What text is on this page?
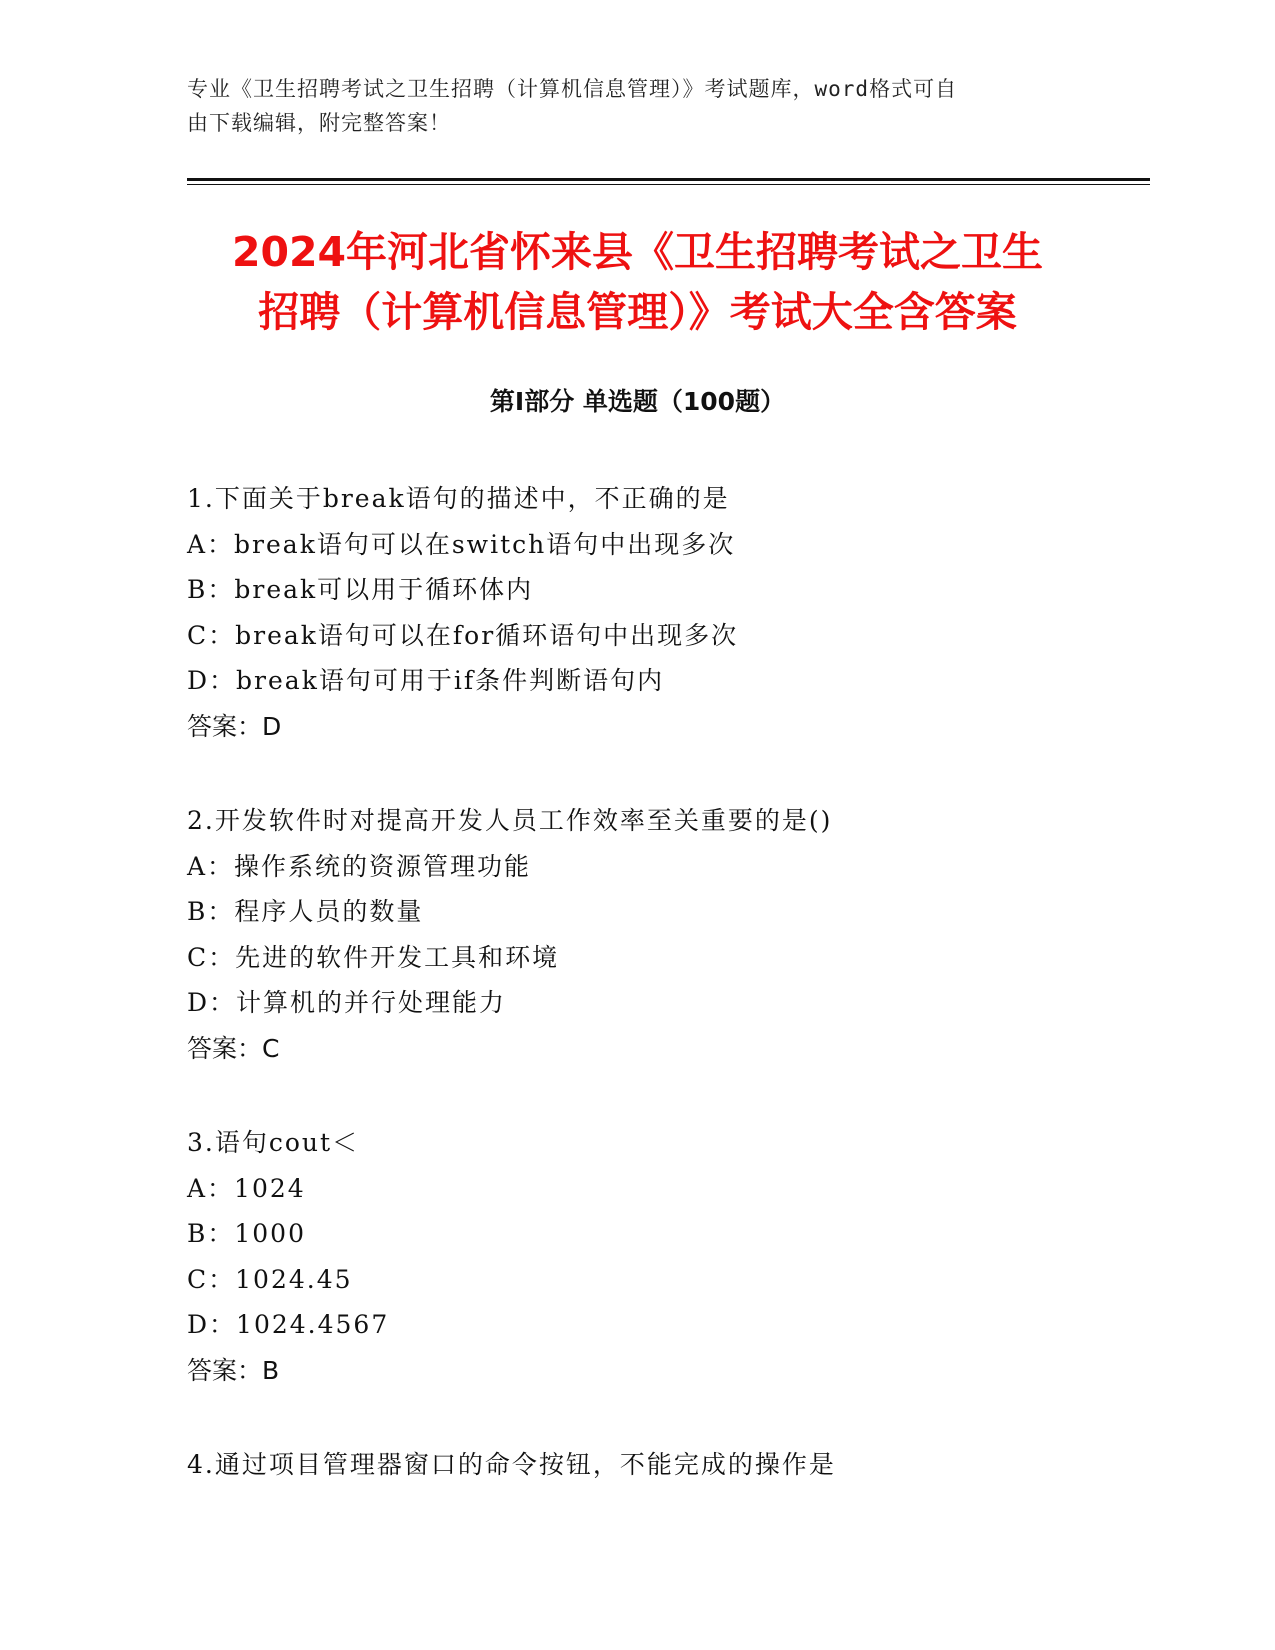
专业《卫生招聘考试之卫生招聘（计算机信息管理）》考试题库，word格式可自
由下载编辑，附完整答案！
2024年河北省怀来县《卫生招聘考试之卫生
招聘（计算机信息管理）》考试大全含答案
第Ⅰ部分 单选题（100题）
1.下面关于break语句的描述中，不正确的是
A：break语句可以在switch语句中出现多次
B：break可以用于循环体内
C：break语句可以在for循环语句中出现多次
D：break语句可用于if条件判断语句内
答案：D
2.开发软件时对提高开发人员工作效率至关重要的是()
A：操作系统的资源管理功能
B：程序人员的数量
C：先进的软件开发工具和环境
D：计算机的并行处理能力
答案：C
3.语句cout＜
A：1024
B：1000
C：1024.45
D：1024.4567
答案：B
4.通过项目管理器窗口的命令按钮，不能完成的操作是
